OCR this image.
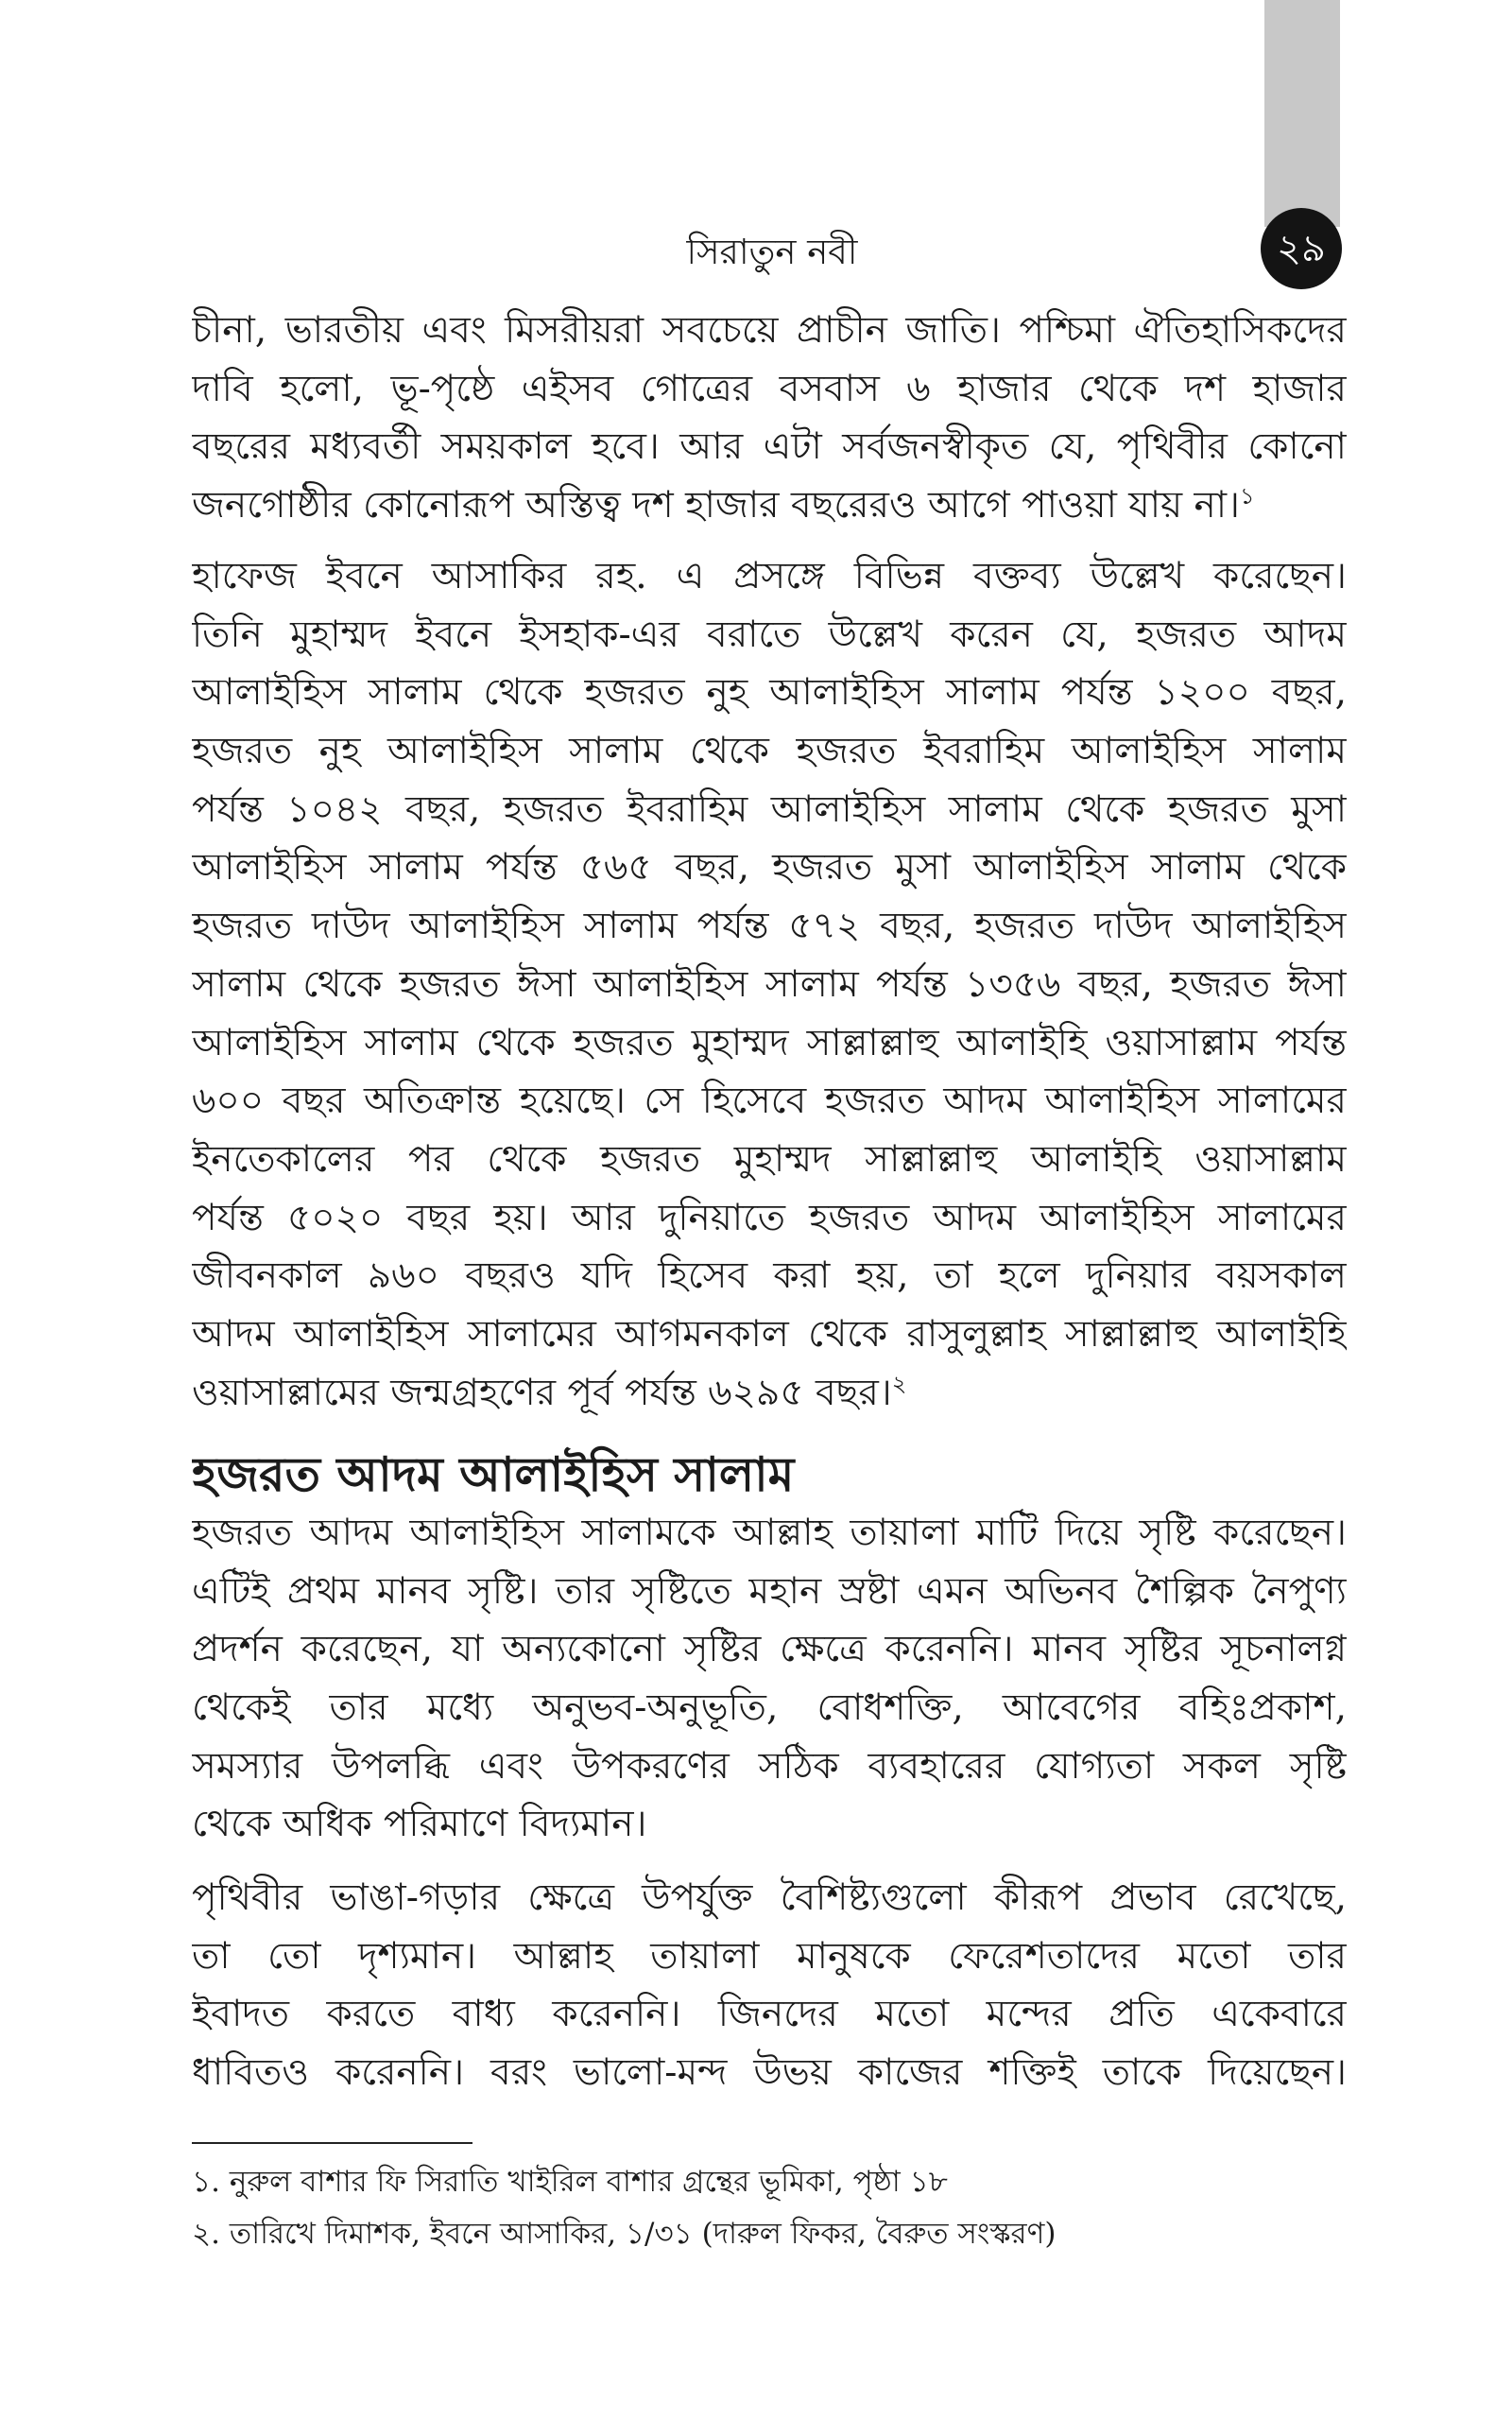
২৯
সিরাতুন নবী
চীনা, ভারতীয় এবং মিসরীয়রা সবচেয়ে প্রাচীন জাতি। পশ্চিমা ঐতিহাসিকদের
দাবি হলো, ভূ-পৃষ্ঠে এইসব গোত্রের বসবাস ৬ হাজার থেকে দশ হাজার
বছরের মধ্যবর্তী সময়কাল হবে। আর এটা সর্বজনস্বীকৃত যে, পৃথিবীর কোনো
জনগোষ্ঠীর কোনোরূপ অস্তিত্ব দশ হাজার বছরেরও আগে পাওয়া যায় না।$^১$
হাফেজ ইবনে আসাকির রহ. এ প্রসঙ্গে বিভিন্ন বক্তব্য উল্লেখ করেছেন।
তিনি মুহাম্মদ ইবনে ইসহাক-এর বরাতে উল্লেখ করেন যে, হজরত আদম
আলাইহিস সালাম থেকে হজরত নুহ আলাইহিস সালাম পর্যন্ত ১২০০ বছর,
হজরত নুহ আলাইহিস সালাম থেকে হজরত ইবরাহিম আলাইহিস সালাম
পর্যন্ত ১০৪২ বছর, হজরত ইবরাহিম আলাইহিস সালাম থেকে হজরত মুসা
আলাইহিস সালাম পর্যন্ত ৫৬৫ বছর, হজরত মুসা আলাইহিস সালাম থেকে
হজরত দাউদ আলাইহিস সালাম পর্যন্ত ৫৭২ বছর, হজরত দাউদ আলাইহিস
সালাম থেকে হজরত ঈসা আলাইহিস সালাম পর্যন্ত ১৩৫৬ বছর, হজরত ঈসা
আলাইহিস সালাম থেকে হজরত মুহাম্মদ সাল্লাল্লাহু আলাইহি ওয়াসাল্লাম পর্যন্ত
৬০০ বছর অতিক্রান্ত হয়েছে। সে হিসেবে হজরত আদম আলাইহিস সালামের
ইনতেকালের পর থেকে হজরত মুহাম্মদ সাল্লাল্লাহু আলাইহি ওয়াসাল্লাম
পর্যন্ত ৫০২০ বছর হয়। আর দুনিয়াতে হজরত আদম আলাইহিস সালামের
জীবনকাল ৯৬০ বছরও যদি হিসেব করা হয়, তা হলে দুনিয়ার বয়সকাল
আদম আলাইহিস সালামের আগমনকাল থেকে রাসুলুল্লাহ সাল্লাল্লাহু আলাইহি
ওয়াসাল্লামের জন্মগ্রহণের পূর্ব পর্যন্ত ৬২৯৫ বছর।$^২$
হজরত আদম আলাইহিস সালাম
হজরত আদম আলাইহিস সালামকে আল্লাহ তায়ালা মাটি দিয়ে সৃষ্টি করেছেন।
এটিই প্রথম মানব সৃষ্টি। তার সৃষ্টিতে মহান স্রষ্টা এমন অভিনব শৈল্পিক নৈপুণ্য
প্রদর্শন করেছেন, যা অন্যকোনো সৃষ্টির ক্ষেত্রে করেননি। মানব সৃষ্টির সূচনালগ্ন
থেকেই তার মধ্যে অনুভব-অনুভূতি, বোধশক্তি, আবেগের বহিঃপ্রকাশ,
সমস্যার উপলব্ধি এবং উপকরণের সঠিক ব্যবহারের যোগ্যতা সকল সৃষ্টি
থেকে অধিক পরিমাণে বিদ্যমান।
পৃথিবীর ভাঙা-গড়ার ক্ষেত্রে উপর্যুক্ত বৈশিষ্ট্যগুলো কীরূপ প্রভাব রেখেছে,
তা তো দৃশ্যমান। আল্লাহ তায়ালা মানুষকে ফেরেশতাদের মতো তার
ইবাদত করতে বাধ্য করেননি। জিনদের মতো মন্দের প্রতি একেবারে
ধাবিতও করেননি। বরং ভালো-মন্দ উভয় কাজের শক্তিই তাকে দিয়েছেন।
১. নুরুল বাশার ফি সিরাতি খাইরিল বাশার গ্রন্থের ভূমিকা, পৃষ্ঠা ১৮
২. তারিখে দিমাশক, ইবনে আসাকির, ১/৩১ (দারুল ফিকর, বৈরুত সংস্করণ)
